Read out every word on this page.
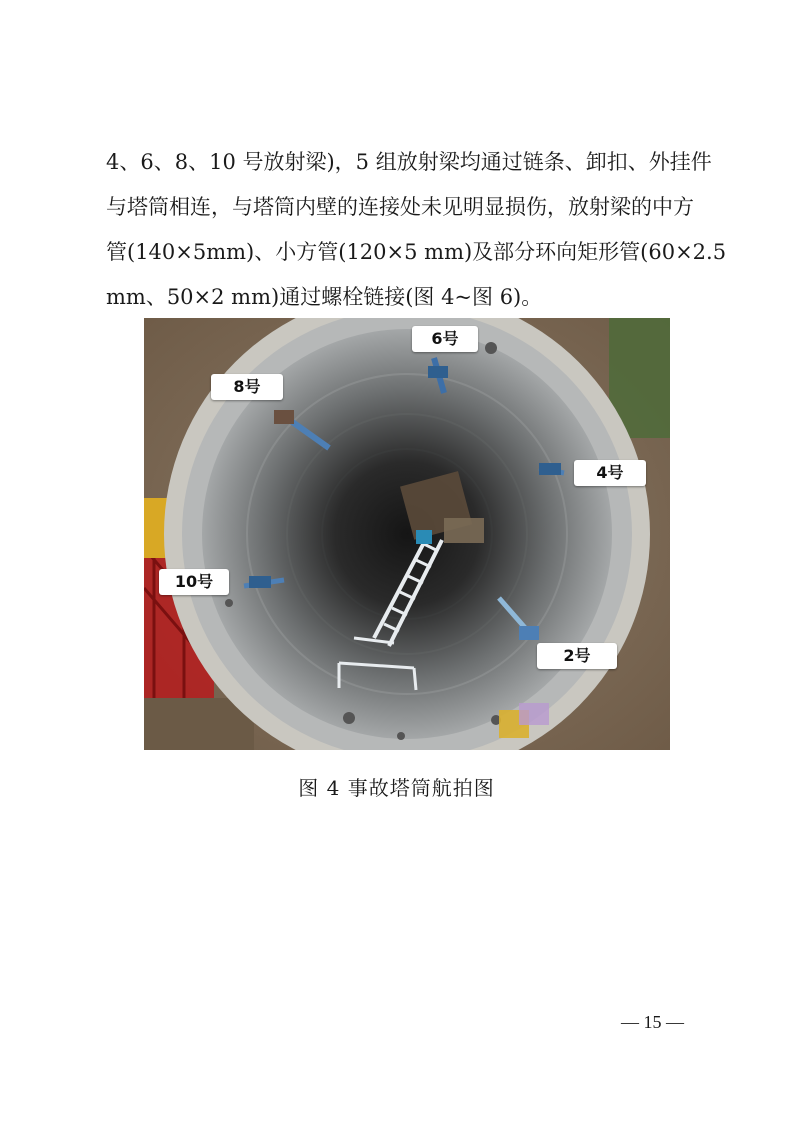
4、6、8、10 号放射梁)，5 组放射梁均通过链条、卸扣、外挂件
与塔筒相连，与塔筒内壁的连接处未见明显损伤，放射梁的中方
管(140×5mm)、小方管(120×5 mm)及部分环向矩形管(60×2.5
mm、50×2 mm)通过螺栓链接(图 4~图 6)。
6号
8号
4号
10号
2号
图 4 事故塔筒航拍图
— 15 —
